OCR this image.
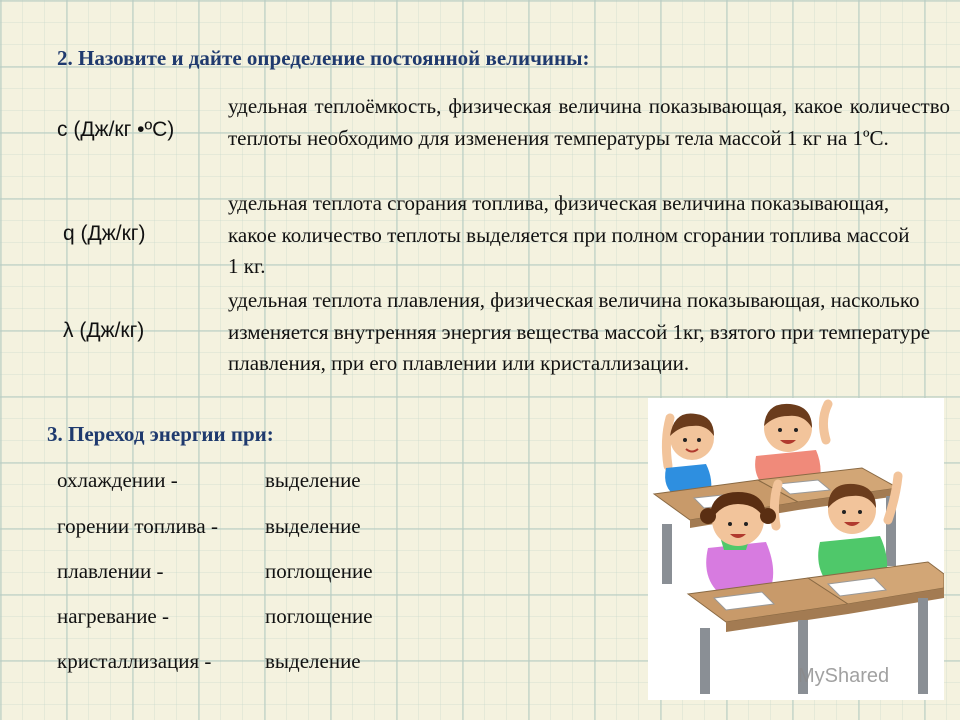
2. Назовите и дайте определение постоянной величины:
с (Дж/кг •ºС)
удельная теплоёмкость, физическая величина показывающая, какое количество теплоты необходимо для изменения температуры тела массой 1 кг на 1ºС.
q (Дж/кг)
удельная теплота сгорания топлива, физическая величина показывающая, какое количество теплоты выделяется при полном сгорании топлива массой 1 кг.
λ (Дж/кг)
удельная теплота плавления, физическая величина показывающая, насколько изменяется внутренняя энергия вещества массой 1кг, взятого при температуре плавления, при его плавлении или кристаллизации.
3. Переход энергии при:
охлаждении -	выделение
горении топлива - выделение
плавлении -	поглощение
нагревание -	поглощение
кристаллизация -	выделение
MyShared
